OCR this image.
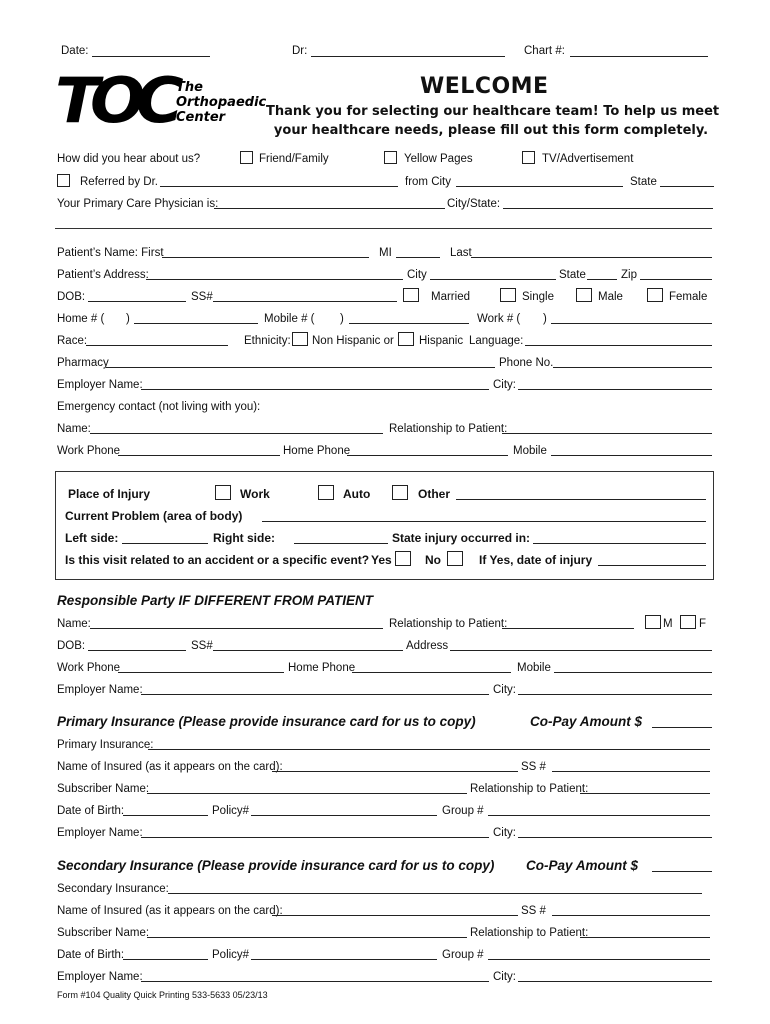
Date:	Dr:	Chart #:
TOC The
Orthopaedic
Center
WELCOME
Thank you for selecting our healthcare team! To help us meet
your healthcare needs, please fill out this form completely.
How did you hear about us?	Friend/Family	Yellow Pages	TV/Advertisement
Referred by Dr.	from City	State
Your Primary Care Physician is:	City/State:
Patient’s Name: First	MI	Last
Patient’s Address:	City	State	Zip
DOB:	SS#	Married	Single	Male	Female
Home # ( )	Mobile # ( )	Work # ( )
Race:	Ethnicity: Non Hispanic or Hispanic Language:
Pharmacy	Phone No.
Employer Name:	City:
Emergency contact (not living with you):
Name:	Relationship to Patient:
Work Phone	Home Phone	Mobile
Place of Injury	Work	Auto	Other
Current Problem (area of body)
Left side:	Right side:	State injury occurred in:
Is this visit related to an accident or a specific event? Yes	No	If Yes, date of injury
Responsible Party IF DIFFERENT FROM PATIENT
Name:	Relationship to Patient:	M F
DOB:	SS#	Address
Work Phone	Home Phone	Mobile
Employer Name:	City:
Primary Insurance (Please provide insurance card for us to copy)	Co-Pay Amount $
Primary Insurance:
Name of Insured (as it appears on the card):	SS #
Subscriber Name:	Relationship to Patient:
Date of Birth:	Policy#	Group #
Employer Name:	City:
Secondary Insurance (Please provide insurance card for us to copy) Co-Pay Amount $
Secondary Insurance:
Name of Insured (as it appears on the card):	SS #
Subscriber Name:	Relationship to Patient:
Date of Birth:	Policy#	Group #
Employer Name:	City:
Form #104 Quality Quick Printing 533-5633 05/23/13
